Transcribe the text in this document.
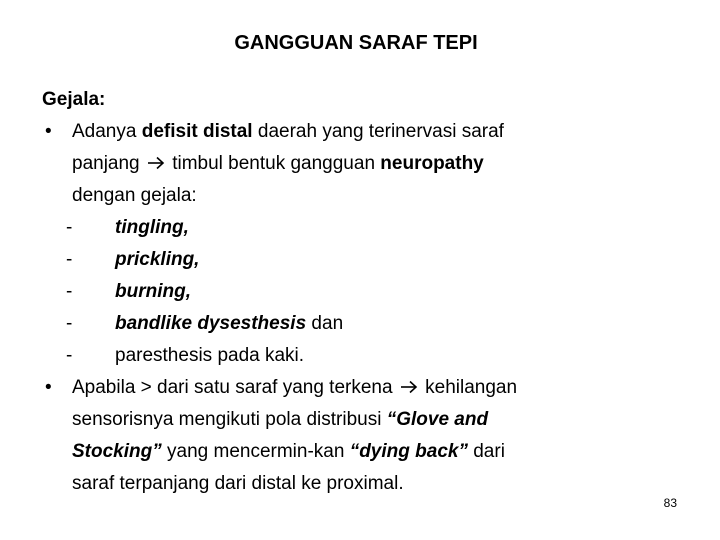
GANGGUAN SARAF TEPI
Gejala:
• Adanya defisit distal daerah yang terinervasi saraf
panjang timbul bentuk gangguan neuropathy
dengan gejala:
- tingling,
- prickling,
- burning,
- bandlike dysesthesis dan
- paresthesis pada kaki.
• Apabila > dari satu saraf yang terkena kehilangan
sensorisnya mengikuti pola distribusi “Glove and
Stocking” yang mencermin-kan “dying back” dari
saraf terpanjang dari distal ke proximal.
83
